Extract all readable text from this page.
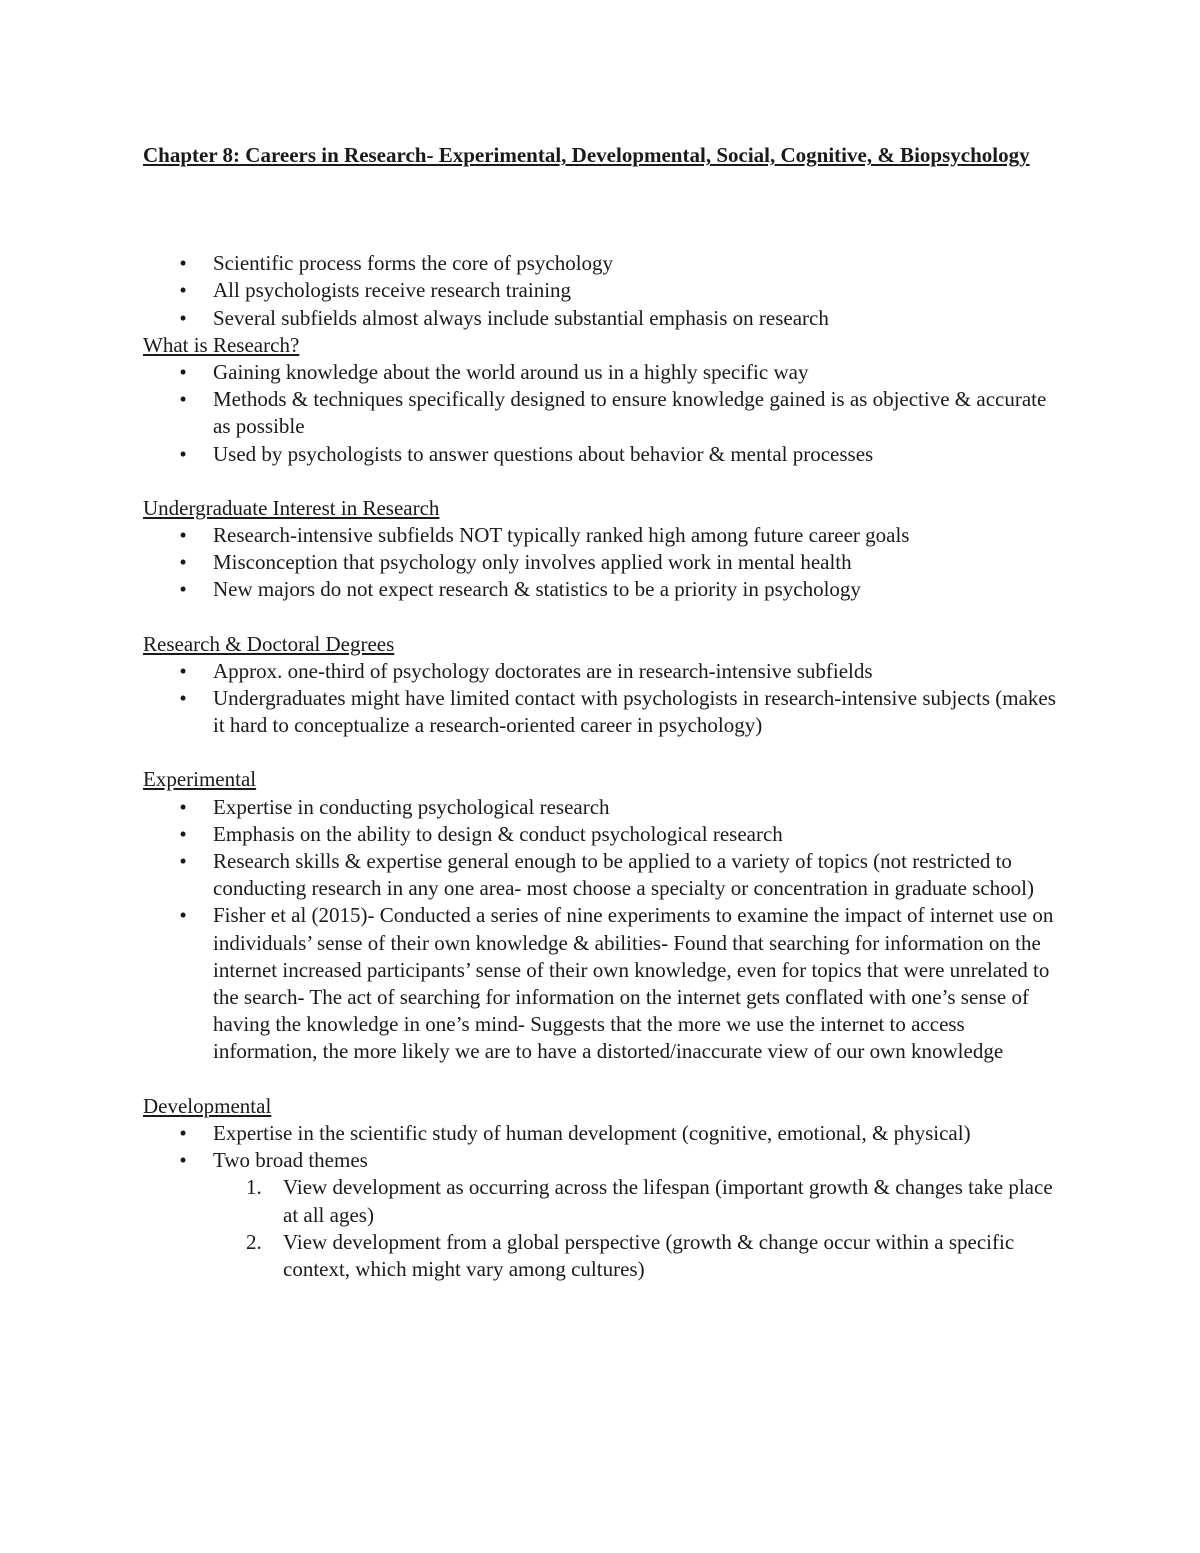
Chapter 8: Careers in Research- Experimental, Developmental, Social, Cognitive, & Biopsychology
•	Scientific process forms the core of psychology
•	All psychologists receive research training
•	Several subfields almost always include substantial emphasis on research
What is Research?
•	Gaining knowledge about the world around us in a highly specific way
•	Methods & techniques specifically designed to ensure knowledge gained is as objective & accurate as possible
•	Used by psychologists to answer questions about behavior & mental processes
Undergraduate Interest in Research
•	Research-intensive subfields NOT typically ranked high among future career goals
•	Misconception that psychology only involves applied work in mental health
•	New majors do not expect research & statistics to be a priority in psychology
Research & Doctoral Degrees
•	Approx. one-third of psychology doctorates are in research-intensive subfields
•	Undergraduates might have limited contact with psychologists in research-intensive subjects (makes it hard to conceptualize a research-oriented career in psychology)
Experimental
•	Expertise in conducting psychological research
•	Emphasis on the ability to design & conduct psychological research
•	Research skills & expertise general enough to be applied to a variety of topics (not restricted to conducting research in any one area- most choose a specialty or concentration in graduate school)
•	Fisher et al (2015)- Conducted a series of nine experiments to examine the impact of internet use on individuals’ sense of their own knowledge & abilities- Found that searching for information on the internet increased participants’ sense of their own knowledge, even for topics that were unrelated to the search- The act of searching for information on the internet gets conflated with one’s sense of having the knowledge in one’s mind- Suggests that the more we use the internet to access information, the more likely we are to have a distorted/inaccurate view of our own knowledge
Developmental
•	Expertise in the scientific study of human development (cognitive, emotional, & physical)
•	Two broad themes
1. View development as occurring across the lifespan (important growth & changes take place at all ages)
2. View development from a global perspective (growth & change occur within a specific context, which might vary among cultures)
